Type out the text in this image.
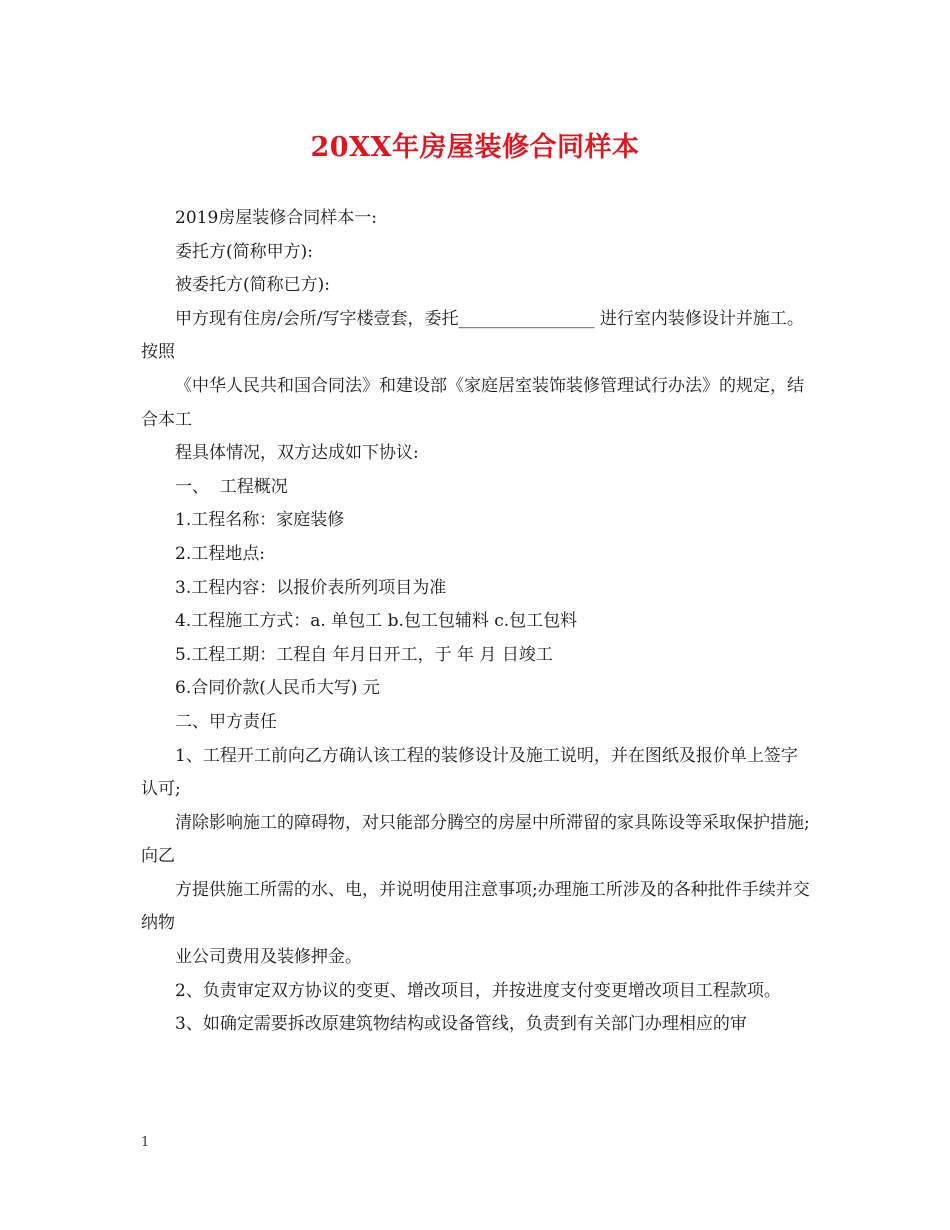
20XX年房屋装修合同样本

2019房屋装修合同样本一:

委托方(简称甲方):

被委托方(简称已方):

甲方现有住房/会所/写字楼壹套，委托________________ 进行室内装修设计并施工。按照

《中华人民共和国合同法》和建设部《家庭居室装饰装修管理试行办法》的规定，结合本工

程具体情况，双方达成如下协议:

一、  工程概况

1.工程名称：家庭装修

2.工程地点:

3.工程内容：以报价表所列项目为准

4.工程施工方式：a. 单包工 b.包工包辅料 c.包工包料

5.工程工期：工程自 年月日开工，于 年 月 日竣工

6.合同价款(人民币大写) 元

二、甲方责任

1、工程开工前向乙方确认该工程的装修设计及施工说明，并在图纸及报价单上签字认可;

清除影响施工的障碍物，对只能部分腾空的房屋中所滞留的家具陈设等采取保护措施;向乙

方提供施工所需的水、电，并说明使用注意事项;办理施工所涉及的各种批件手续并交纳物

业公司费用及装修押金。

2、负责审定双方协议的变更、增改项目，并按进度支付变更增改项目工程款项。

3、如确定需要拆改原建筑物结构或设备管线，负责到有关部门办理相应的审

1
